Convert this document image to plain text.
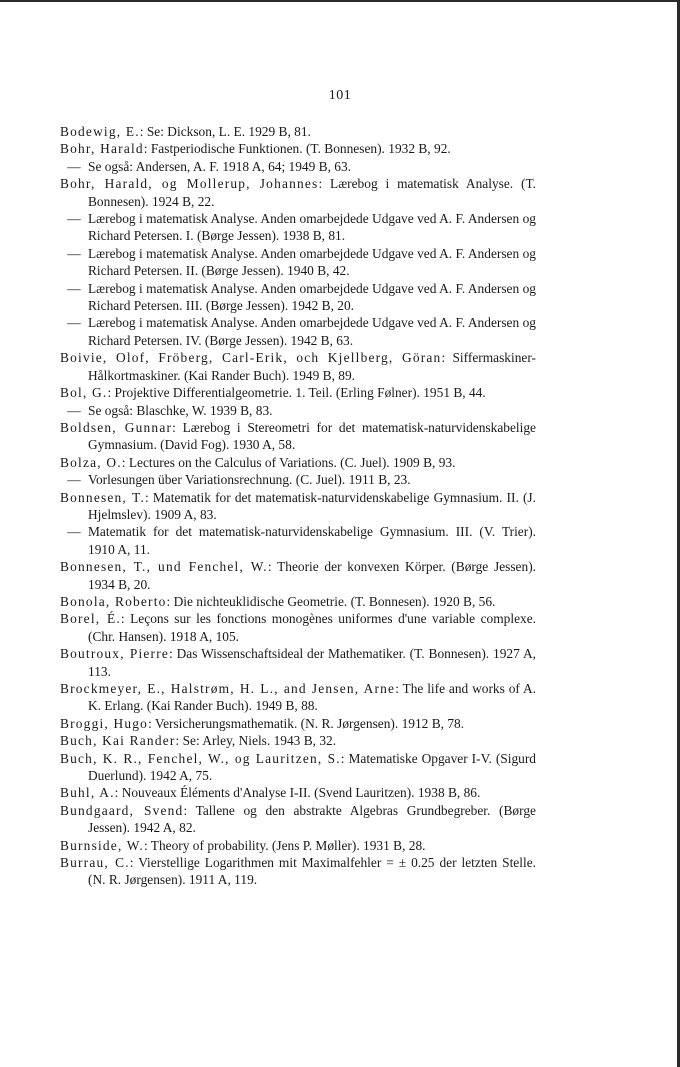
101
Bodewig, E.: Se: Dickson, L. E. 1929 B, 81.
Bohr, Harald: Fastperiodische Funktionen. (T. Bonnesen). 1932 B, 92.
— Se også: Andersen, A. F. 1918 A, 64; 1949 B, 63.
Bohr, Harald, og Mollerup, Johannes: Lærebog i matematisk Analyse. (T. Bonnesen). 1924 B, 22.
— Lærebog i matematisk Analyse. Anden omarbejdede Udgave ved A. F. Andersen og Richard Petersen. I. (Børge Jessen). 1938 B, 81.
— Lærebog i matematisk Analyse. Anden omarbejdede Udgave ved A. F. Andersen og Richard Petersen. II. (Børge Jessen). 1940 B, 42.
— Lærebog i matematisk Analyse. Anden omarbejdede Udgave ved A. F. Andersen og Richard Petersen. III. (Børge Jessen). 1942 B, 20.
— Lærebog i matematisk Analyse. Anden omarbejdede Udgave ved A. F. Andersen og Richard Petersen. IV. (Børge Jessen). 1942 B, 63.
Boivie, Olof, Fröberg, Carl-Erik, och Kjellberg, Göran: Siffermaskiner-Hålkortmaskiner. (Kai Rander Buch). 1949 B, 89.
Bol, G.: Projektive Differentialgeometrie. 1. Teil. (Erling Følner). 1951 B, 44.
— Se også: Blaschke, W. 1939 B, 83.
Boldsen, Gunnar: Lærebog i Stereometri for det matematisk-naturvidenskabelige Gymnasium. (David Fog). 1930 A, 58.
Bolza, O.: Lectures on the Calculus of Variations. (C. Juel). 1909 B, 93.
— Vorlesungen über Variationsrechnung. (C. Juel). 1911 B, 23.
Bonnesen, T.: Matematik for det matematisk-naturvidenskabelige Gymnasium. II. (J. Hjelmslev). 1909 A, 83.
— Matematik for det matematisk-naturvidenskabelige Gymnasium. III. (V. Trier). 1910 A, 11.
Bonnesen, T., und Fenchel, W.: Theorie der konvexen Körper. (Børge Jessen). 1934 B, 20.
Bonola, Roberto: Die nichteuklidische Geometrie. (T. Bonnesen). 1920 B, 56.
Borel, É.: Leçons sur les fonctions monogènes uniformes d'une variable complexe. (Chr. Hansen). 1918 A, 105.
Boutroux, Pierre: Das Wissenschaftsideal der Mathematiker. (T. Bonnesen). 1927 A, 113.
Brockmeyer, E., Halstrøm, H. L., and Jensen, Arne: The life and works of A. K. Erlang. (Kai Rander Buch). 1949 B, 88.
Broggi, Hugo: Versicherungsmathematik. (N. R. Jørgensen). 1912 B, 78.
Buch, Kai Rander: Se: Arley, Niels. 1943 B, 32.
Buch, K. R., Fenchel, W., og Lauritzen, S.: Matematiske Opgaver I-V. (Sigurd Duerlund). 1942 A, 75.
Buhl, A.: Nouveaux Éléments d'Analyse I-II. (Svend Lauritzen). 1938 B, 86.
Bundgaard, Svend: Tallene og den abstrakte Algebras Grundbegreber. (Børge Jessen). 1942 A, 82.
Burnside, W.: Theory of probability. (Jens P. Møller). 1931 B, 28.
Burrau, C.: Vierstellige Logarithmen mit Maximalfehler = ± 0.25 der letzten Stelle. (N. R. Jørgensen). 1911 A, 119.
